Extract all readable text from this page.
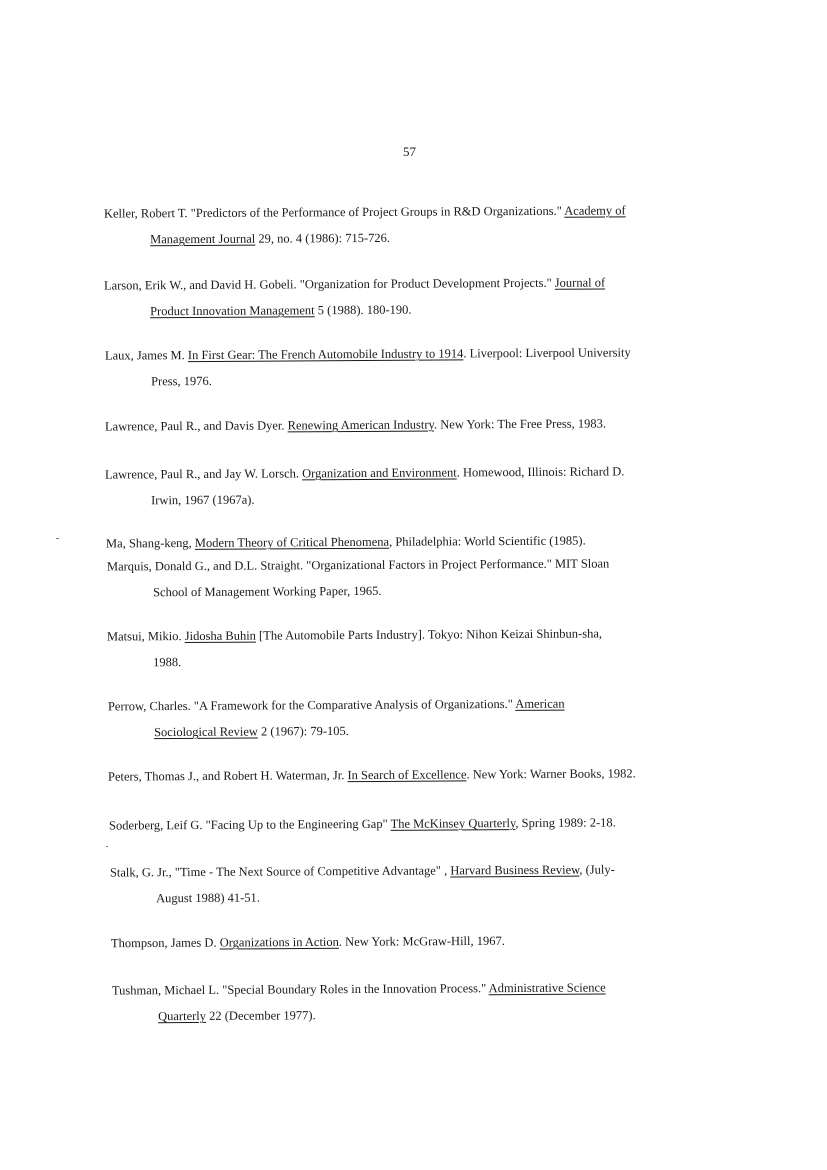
57
Keller, Robert T. "Predictors of the Performance of Project Groups in R&D Organizations." Academy of
Management Journal 29, no. 4 (1986): 715-726.
Larson, Erik W., and David H. Gobeli. "Organization for Product Development Projects." Journal of
Product Innovation Management 5 (1988). 180-190.
Laux, James M. In First Gear: The French Automobile Industry to 1914. Liverpool: Liverpool University
Press, 1976.
Lawrence, Paul R., and Davis Dyer. Renewing American Industry. New York: The Free Press, 1983.
Lawrence, Paul R., and Jay W. Lorsch. Organization and Environment. Homewood, Illinois: Richard D.
Irwin, 1967 (1967a).
Ma, Shang-keng, Modern Theory of Critical Phenomena, Philadelphia: World Scientific (1985).
Marquis, Donald G., and D.L. Straight. "Organizational Factors in Project Performance." MIT Sloan
School of Management Working Paper, 1965.
Matsui, Mikio. Jidosha Buhin [The Automobile Parts Industry]. Tokyo: Nihon Keizai Shinbun-sha,
1988.
Perrow, Charles. "A Framework for the Comparative Analysis of Organizations." American
Sociological Review 2 (1967): 79-105.
Peters, Thomas J., and Robert H. Waterman, Jr. In Search of Excellence. New York: Warner Books, 1982.
Soderberg, Leif G. "Facing Up to the Engineering Gap" The McKinsey Quarterly, Spring 1989: 2-18.
Stalk, G. Jr., "Time - The Next Source of Competitive Advantage" , Harvard Business Review, (July-
August 1988) 41-51.
Thompson, James D. Organizations in Action. New York: McGraw-Hill, 1967.
Tushman, Michael L. "Special Boundary Roles in the Innovation Process." Administrative Science
Quarterly 22 (December 1977).
